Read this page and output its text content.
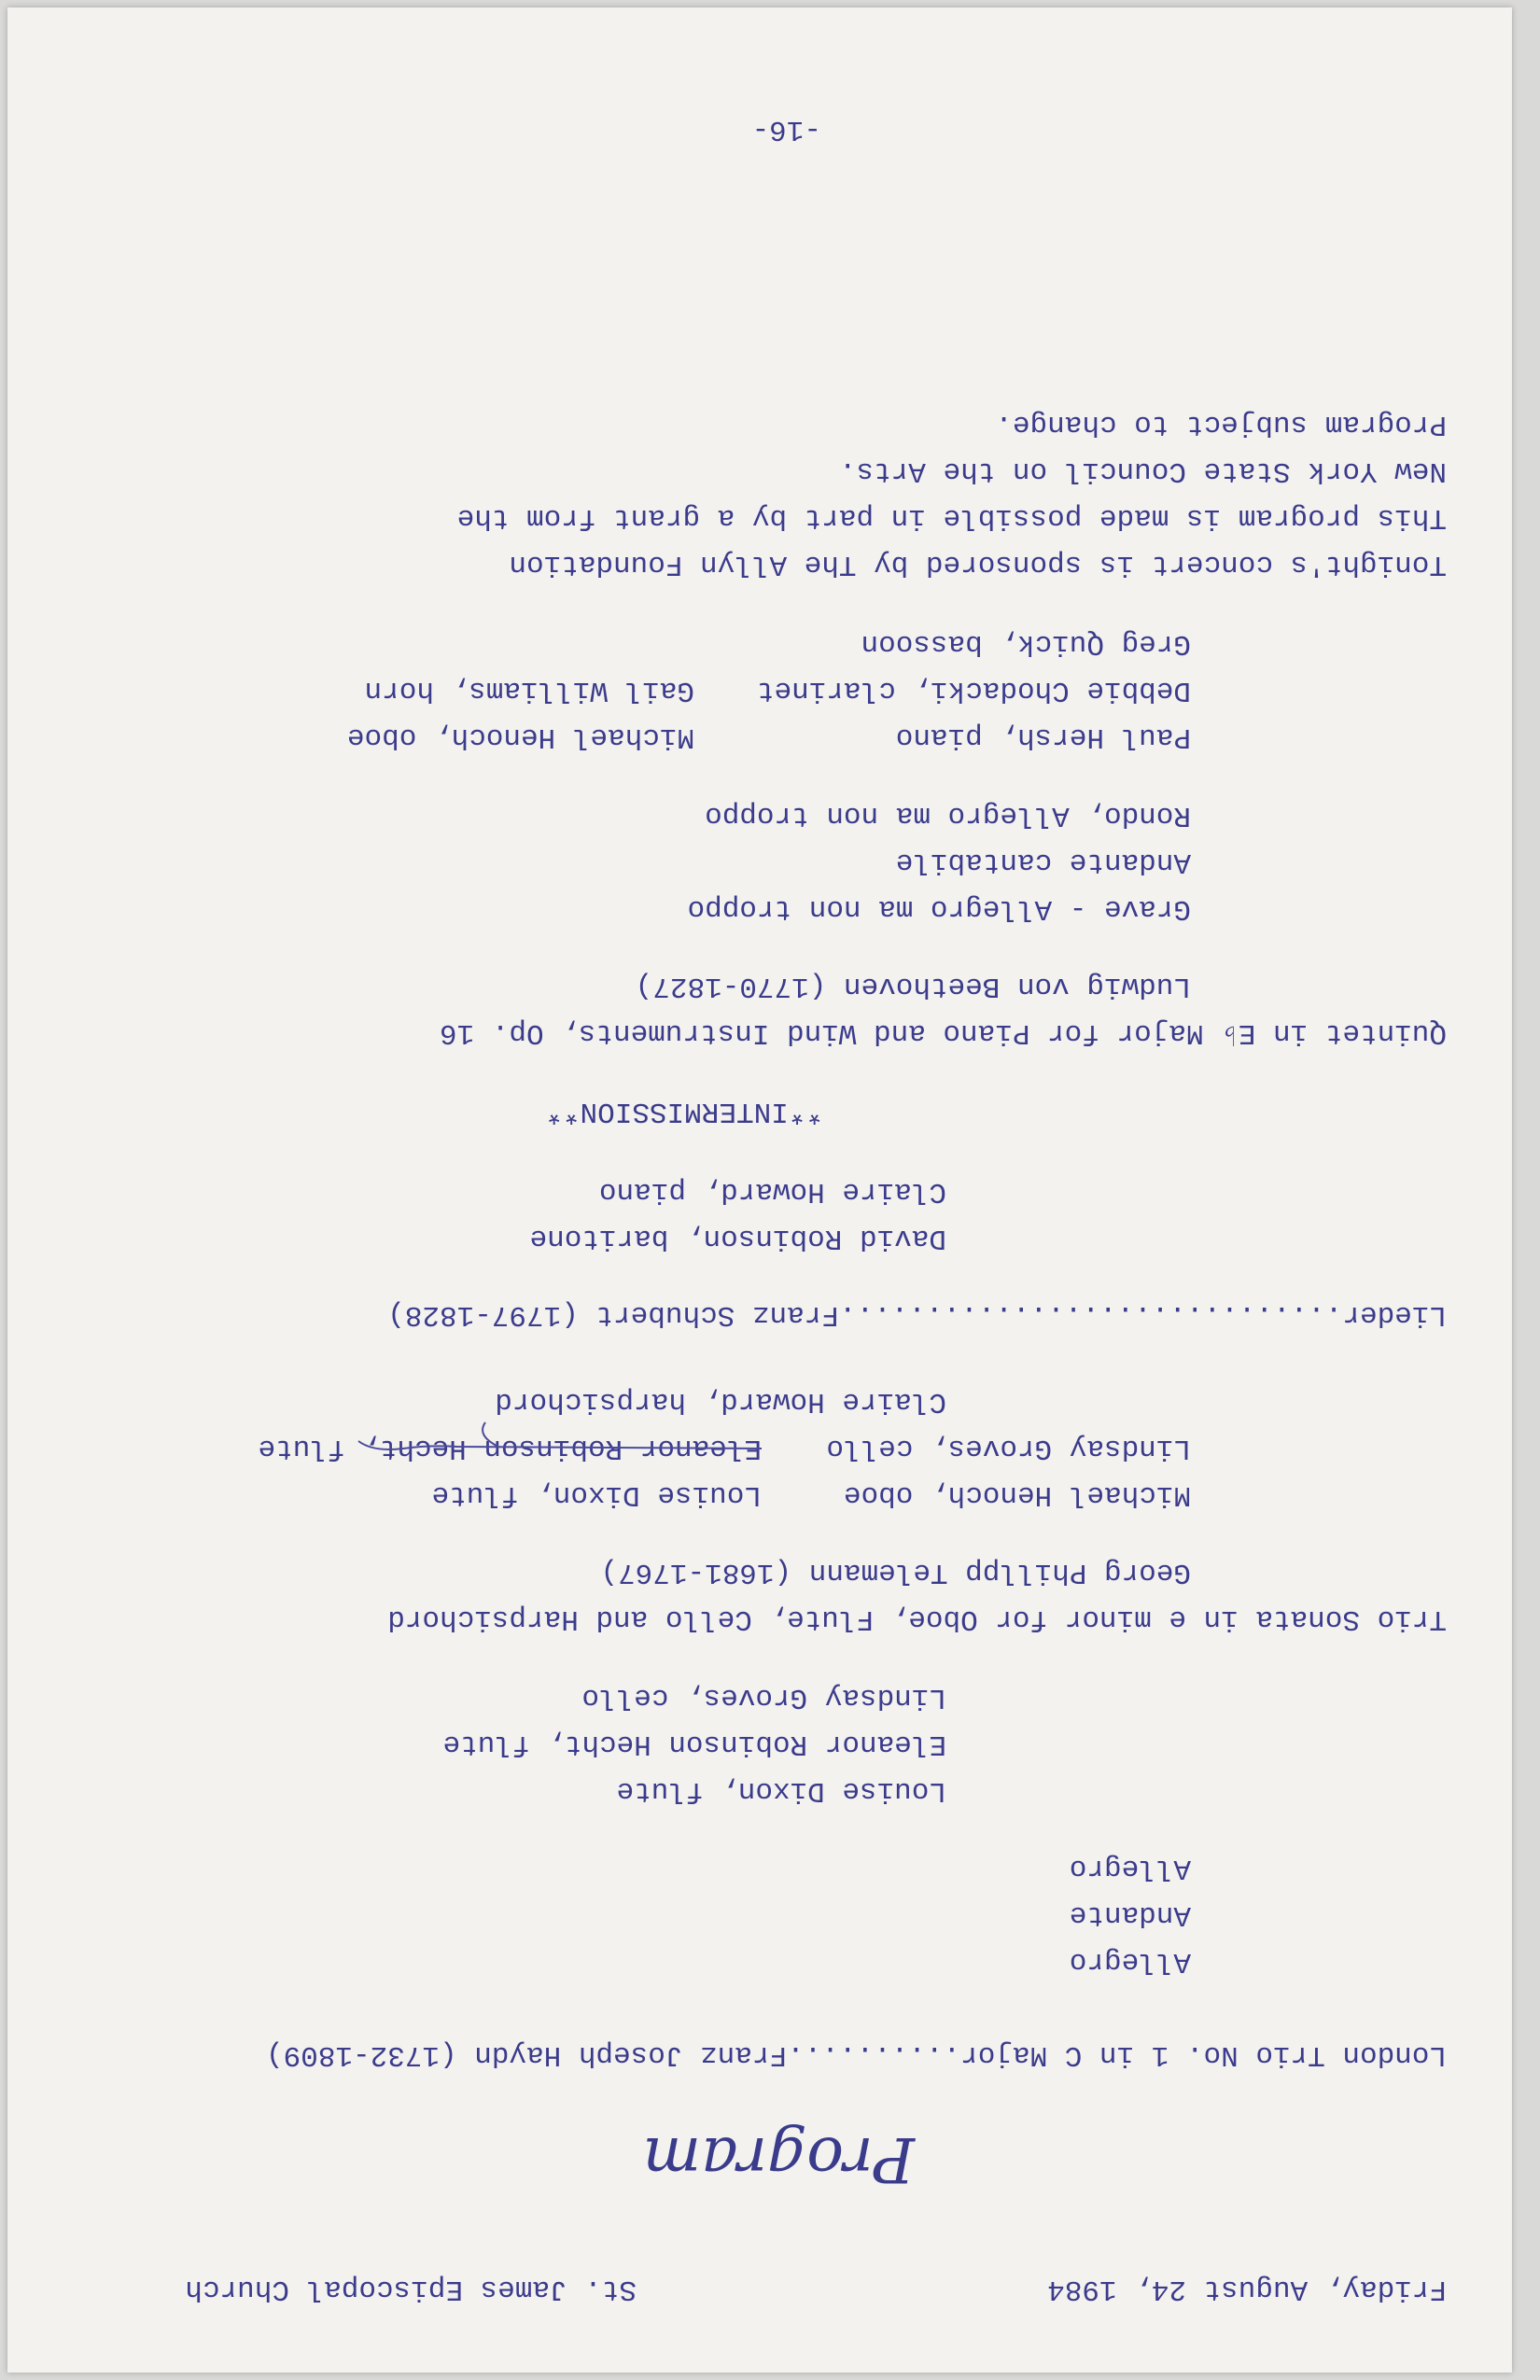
Friday, August 24, 1984
St. James Episcopal Church
Program
London Trio No. 1 in C Major..........Franz Joseph Haydn (1732-1809)
Allegro
Andante
Allegro
Louise Dixon, flute
Eleanor Robinson Hecht, flute
Lindsay Groves, cello
Trio Sonata in e minor for Oboe, Flute, Cello and Harpsichord
Georg Phillpp Telemann (1681-1767)
Michael Henoch, oboe
Lindsay Groves, cello
Louise Dixon, flute
Eleanor Robinson Hecht, flute
Claire Howard, harpsichord
Lieder.............................Franz Schubert (1797-1828)
David Robinson, baritone
Claire Howard, piano
**INTERMISSION**
Quintet in E♭ Major for Piano and Wind Instruments, Op. 16
Ludwig von Beethoven (1770-1827)
Grave - Allegro ma non troppo
Andante cantabile
Rondo, Allegro ma non troppo
Paul Hersh, piano
Debbie Chodacki, clarinet
Greg Quick, bassoon
Michael Henoch, oboe
Gail Williams, horn
Tonight's concert is sponsored by The Allyn Foundation
This program is made possible in part by a grant from the
New York State Council on the Arts.
Program subject to change.
-16-
